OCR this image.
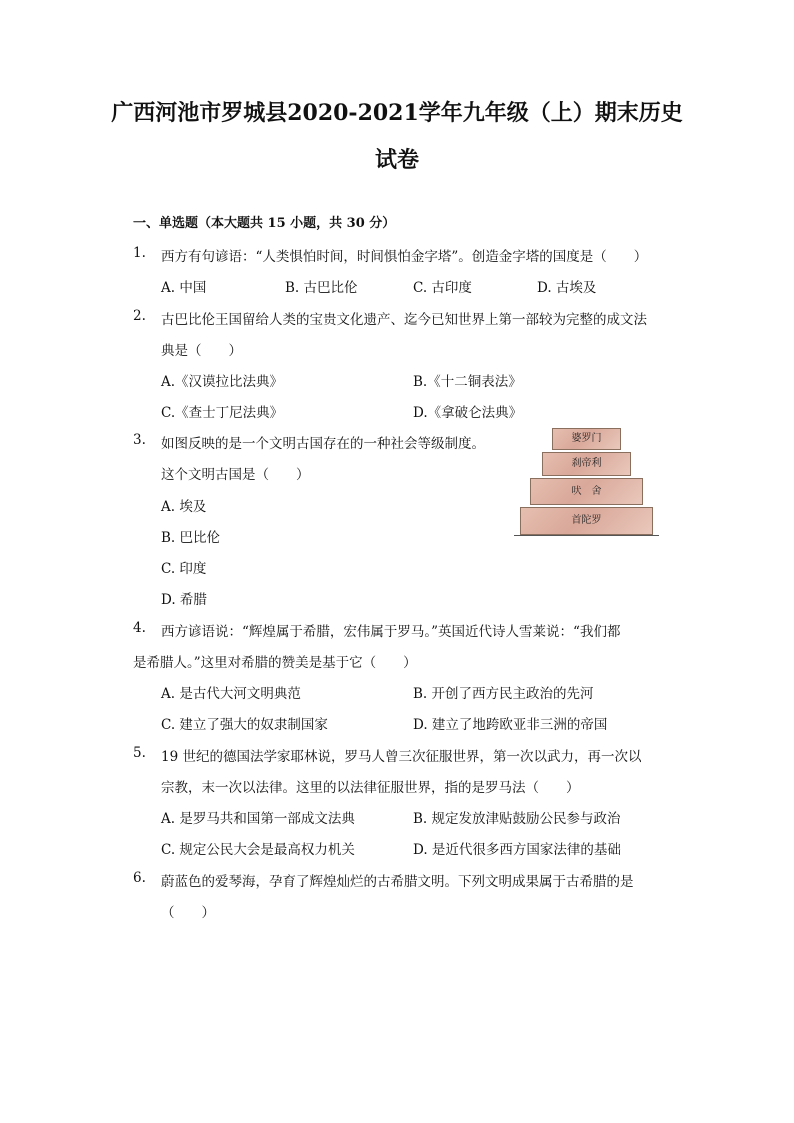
广西河池市罗城县2020-2021学年九年级（上）期末历史
试卷
一、单选题（本大题共 15 小题，共 30 分）
1. 西方有句谚语：“人类惧怕时间，时间惧怕金字塔”。创造金字塔的国度是（　　）
A. 中国	B. 古巴比伦	C. 古印度	D. 古埃及
2. 古巴比伦王国留给人类的宝贵文化遗产、迄今已知世界上第一部较为完整的成文法
典是（　　）
A.《汉谟拉比法典》	B.《十二铜表法》
C.《查士丁尼法典》	D.《拿破仑法典》
3. 如图反映的是一个文明古国存在的一种社会等级制度。
这个文明古国是（　　）
A. 埃及
B. 巴比伦
C. 印度
D. 希腊
婆罗门
刹帝利
吠　舍
首陀罗
4. 西方谚语说：“辉煌属于希腊，宏伟属于罗马。”英国近代诗人雪莱说：“我们都
是希腊人。”这里对希腊的赞美是基于它（　　）
A. 是古代大河文明典范	B. 开创了西方民主政治的先河
C. 建立了强大的奴隶制国家	D. 建立了地跨欧亚非三洲的帝国
5. 19 世纪的德国法学家耶林说，罗马人曾三次征服世界，第一次以武力，再一次以
宗教，末一次以法律。这里的以法律征服世界，指的是罗马法（　　）
A. 是罗马共和国第一部成文法典	B. 规定发放津贴鼓励公民参与政治
C. 规定公民大会是最高权力机关	D. 是近代很多西方国家法律的基础
6. 蔚蓝色的爱琴海，孕育了辉煌灿烂的古希腊文明。下列文明成果属于古希腊的是
（　　）
